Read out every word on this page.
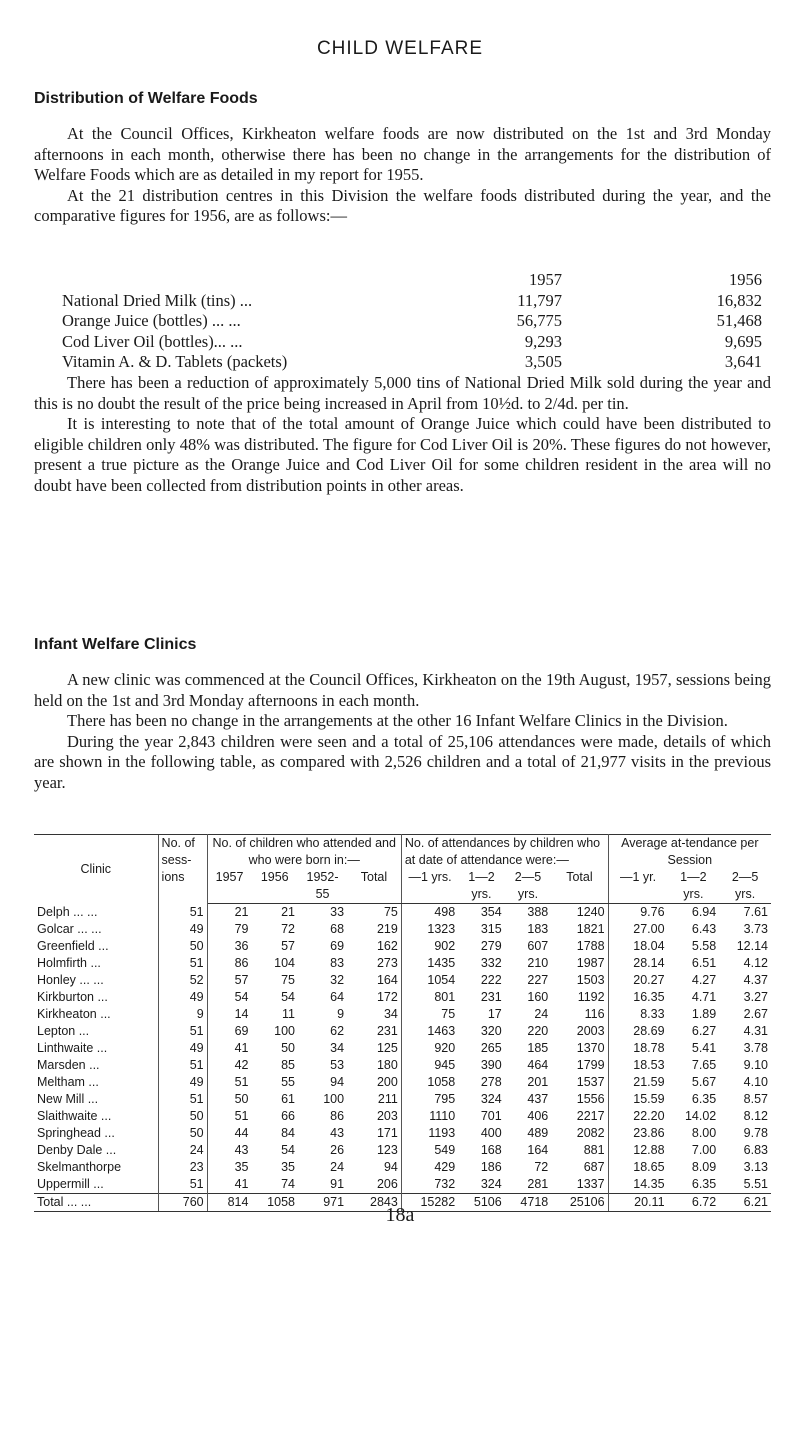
CHILD WELFARE
Distribution of Welfare Foods

At the Council Offices, Kirkheaton welfare foods are now distributed on the 1st and 3rd Monday afternoons in each month, otherwise there has been no change in the arrangements for the distribution of Welfare Foods which are as detailed in my report for 1955.

At the 21 distribution centres in this Division the welfare foods distributed during the year, and the comparative figures for 1956, are as follows:—

1957	1956
National Dried Milk (tins) ...	11,797	16,832
Orange Juice (bottles) ... ...	56,775	51,468
Cod Liver Oil (bottles)... ...	9,293	9,695
Vitamin A. & D. Tablets (packets)	3,505	3,641

There has been a reduction of approximately 5,000 tins of National Dried Milk sold during the year and this is no doubt the result of the price being increased in April from 10½d. to 2/4d. per tin.

It is interesting to note that of the total amount of Orange Juice which could have been distributed to eligible children only 48% was distributed. The figure for Cod Liver Oil is 20%. These figures do not however, present a true picture as the Orange Juice and Cod Liver Oil for some children resident in the area will no doubt have been collected from distribution points in other areas.

Infant Welfare Clinics

A new clinic was commenced at the Council Offices, Kirkheaton on the 19th August, 1957, sessions being held on the 1st and 3rd Monday afternoons in each month.

There has been no change in the arrangements at the other 16 Infant Welfare Clinics in the Division.

During the year 2,843 children were seen and a total of 25,106 attendances were made, details of which are shown in the following table, as compared with 2,526 children and a total of 21,977 visits in the previous year.

Clinic	No. of sess-ions	No. of children who attended and who were born in:—				No. of attendances by children who at date of attendance were:—				Average at-tendance per Session		
		1957	1956	1952-55	Total	—1 yrs.	1—2 yrs.	2—5 yrs.	Total	—1 yr.	1—2 yrs.	2—5 yrs.
Delph ... ...	51	21	21	33	75	498	354	388	1240	9.76	6.94	7.61
Golcar ... ...	49	79	72	68	219	1323	315	183	1821	27.00	6.43	3.73
Greenfield ...	50	36	57	69	162	902	279	607	1788	18.04	5.58	12.14
Holmfirth ...	51	86	104	83	273	1435	332	210	1987	28.14	6.51	4.12
Honley ... ...	52	57	75	32	164	1054	222	227	1503	20.27	4.27	4.37
Kirkburton ...	49	54	54	64	172	801	231	160	1192	16.35	4.71	3.27
Kirkheaton ...	9	14	11	9	34	75	17	24	116	8.33	1.89	2.67
Lepton ...	51	69	100	62	231	1463	320	220	2003	28.69	6.27	4.31
Linthwaite ...	49	41	50	34	125	920	265	185	1370	18.78	5.41	3.78
Marsden ...	51	42	85	53	180	945	390	464	1799	18.53	7.65	9.10
Meltham ...	49	51	55	94	200	1058	278	201	1537	21.59	5.67	4.10
New Mill ...	51	50	61	100	211	795	324	437	1556	15.59	6.35	8.57
Slaithwaite ...	50	51	66	86	203	1110	701	406	2217	22.20	14.02	8.12
Springhead ...	50	44	84	43	171	1193	400	489	2082	23.86	8.00	9.78
Denby Dale ...	24	43	54	26	123	549	168	164	881	12.88	7.00	6.83
Skelmanthorpe	23	35	35	24	94	429	186	72	687	18.65	8.09	3.13
Uppermill ...	51	41	74	91	206	732	324	281	1337	14.35	6.35	5.51
Total ... ...	760	814	1058	971	2843	15282	5106	4718	25106	20.11	6.72	6.21
18a
